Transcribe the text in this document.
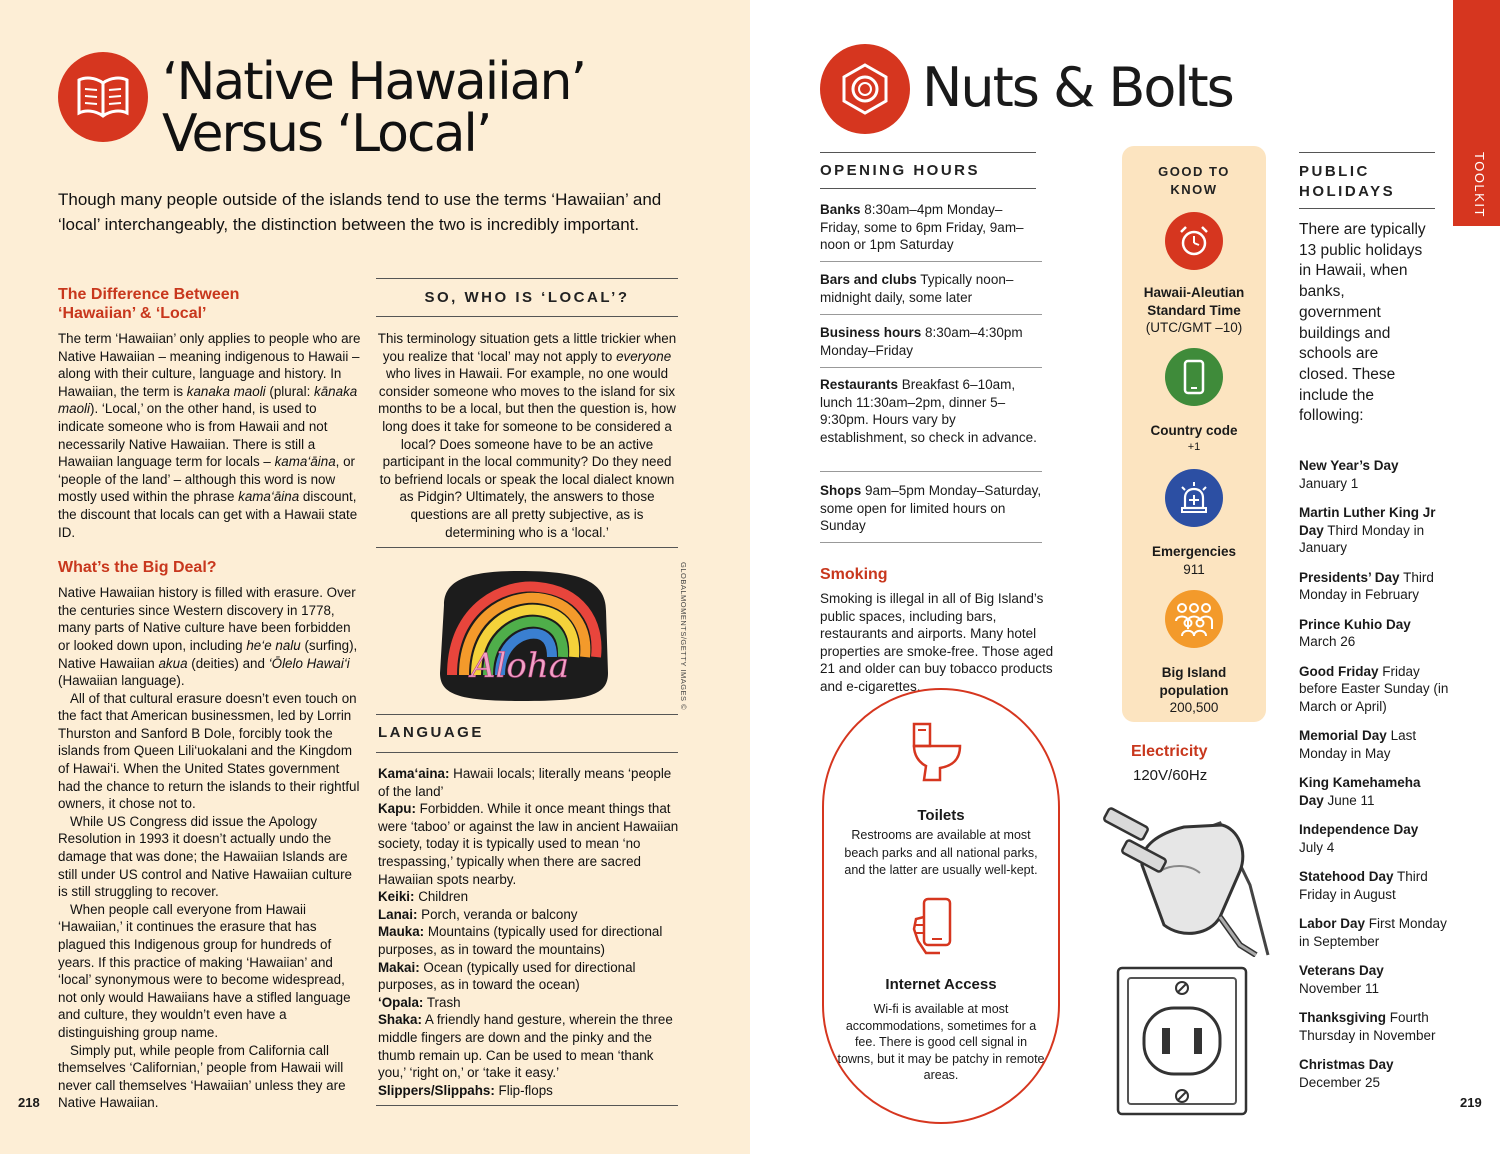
‘Native Hawaiian’
Versus ‘Local’
Though many people outside of the islands tend to use the terms ‘Hawaiian’ and ‘local’ interchangeably, the distinction between the two is incredibly important.
The Difference Between
‘Hawaiian’ & ‘Local’
The term ‘Hawaiian’ only applies to people who are Native Hawaiian – meaning indigenous to Hawaii – along with their culture, language and history. In Hawaiian, the term is kanaka maoli (plural: kānaka maoli). ‘Local,’ on the other hand, is used to indicate someone who is from Hawaii and not necessarily Native Hawaiian. There is still a Hawaiian language term for locals – kama‘āina, or ‘people of the land’ – although this word is now mostly used within the phrase kama‘āina discount, the discount that locals can get with a Hawaii state ID.
What’s the Big Deal?

Native Hawaiian history is filled with erasure. Over the centuries since Western discovery in 1778, many parts of Native culture have been forbidden or looked down upon, including he‘e nalu (surfing), Native Hawaiian akua (deities) and ‘Ōlelo Hawai‘i (Hawaiian language).

All of that cultural erasure doesn’t even touch on the fact that American businessmen, led by Lorrin Thurston and Sanford B Dole, forcibly took the islands from Queen Lili‘uokalani and the Kingdom of Hawai‘i. When the United States government had the chance to return the islands to their rightful owners, it chose not to.

While US Congress did issue the Apology Resolution in 1993 it doesn’t actually undo the damage that was done; the Hawaiian Islands are still under US control and Native Hawaiian culture is still struggling to recover.

When people call everyone from Hawaii ‘Hawaiian,’ it continues the erasure that has plagued this Indigenous group for hundreds of years. If this practice of making ‘Hawaiian’ and ‘local’ synonymous were to become widespread, not only would Hawaiians have a stifled language and culture, they wouldn’t even have a distinguishing group name.

Simply put, while people from California call themselves ‘Californian,’ people from Hawaii will never call themselves ‘Hawaiian’ unless they are Native Hawaiian.

218
SO, WHO IS ‘LOCAL’?
This terminology situation gets a little trickier when you realize that ‘local’ may not apply to everyone who lives in Hawaii. For example, no one would consider someone who moves to the island for six months to be a local, but then the question is, how long does it take for someone to be considered a local? Does someone have to be an active participant in the local community? Do they need to befriend locals or speak the local dialect known as Pidgin? Ultimately, the answers to those questions are all pretty subjective, as is determining who is a ‘local.’
Aloha	GLOBALMOMENTS/GETTY IMAGES ©
LANGUAGE
Kama‘aina: Hawaii locals; literally means ‘people of the land’
Kapu: Forbidden. While it once meant things that were ‘taboo’ or against the law in ancient Hawaiian society, today it is typically used to mean ‘no trespassing,’ typically when there are sacred Hawaiian spots nearby.
Keiki: Children
Lanai: Porch, veranda or balcony
Mauka: Mountains (typically used for directional purposes, as in toward the mountains)
Makai: Ocean (typically used for directional purposes, as in toward the ocean)
‘Opala: Trash
Shaka: A friendly hand gesture, wherein the three middle fingers are down and the pinky and the thumb remain up. Can be used to mean ‘thank you,’ ‘right on,’ or ‘take it easy.’
Slippers/Slippahs: Flip-flops
Nuts & Bolts
TOOLKIT
OPENING HOURS
Banks 8:30am–4pm Monday–Friday, some to 6pm Friday, 9am–noon or 1pm Saturday
Bars and clubs Typically noon–midnight daily, some later
Business hours 8:30am–4:30pm Monday–Friday
Restaurants Breakfast 6–10am, lunch 11:30am–2pm, dinner 5–9:30pm. Hours vary by establishment, so check in advance.
Shops 9am–5pm Monday–Saturday, some open for limited hours on Sunday
Smoking
Smoking is illegal in all of Big Island’s public spaces, including bars, restaurants and airports. Many hotel properties are smoke-free. Those aged 21 and older can buy tobacco products and e-cigarettes.
Toilets
Restrooms are available at most beach parks and all national parks, and the latter are usually well-kept.
Internet Access
Wi-fi is available at most accommodations, sometimes for a fee. There is good cell signal in towns, but it may be patchy in remote areas.
GOOD TO
KNOW
Hawaii-Aleutian
Standard Time
(UTC/GMT –10)
Country code
+1
Emergencies
911
Big Island
population
200,500
Electricity
120V/60Hz
PUBLIC
HOLIDAYS
There are typically 13 public holidays in Hawaii, when banks, government buildings and schools are closed. These include the following:
New Year’s Day
January 1
Martin Luther King Jr Day Third Monday in January
Presidents’ Day Third Monday in February
Prince Kuhio Day
March 26
Good Friday Friday before Easter Sunday (in March or April)
Memorial Day Last Monday in May
King Kamehameha Day June 11
Independence Day
July 4
Statehood Day Third Friday in August
Labor Day First Monday in September
Veterans Day
November 11
Thanksgiving Fourth Thursday in November
Christmas Day
December 25
219
